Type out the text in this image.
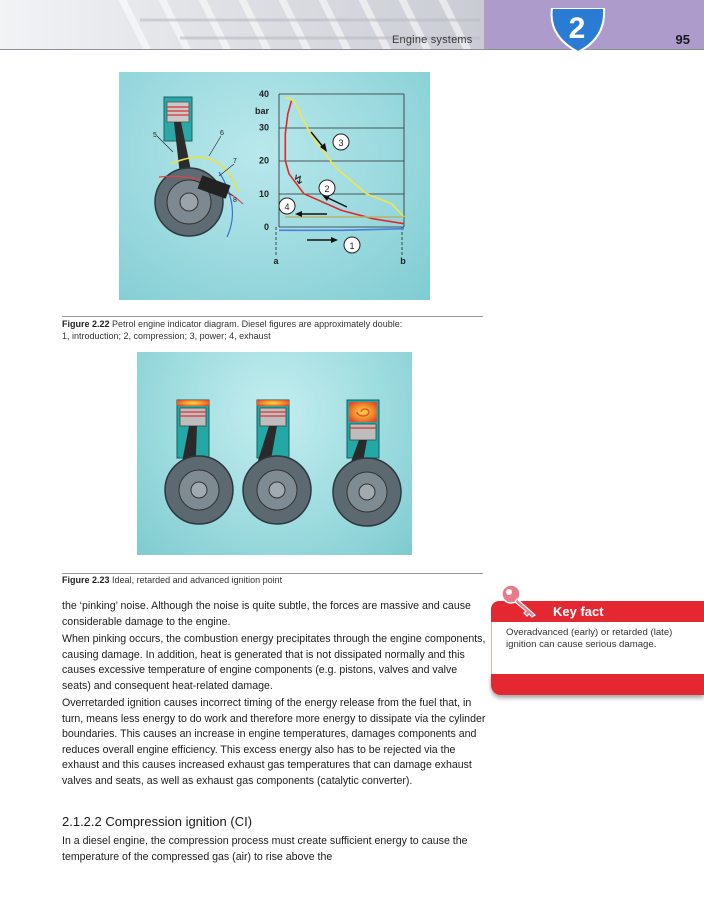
Engine systems	2	95
5	6
7
8
0
10
20
30
40
bar
a	b
1
2
3
4
↯
Figure 2.22 Petrol engine indicator diagram. Diesel figures are approximately double:
1, introduction; 2, compression; 3, power; 4, exhaust
Figure 2.23 Ideal, retarded and advanced ignition point

the ‘pinking’ noise. Although the noise is quite subtle, the forces are massive and cause considerable damage to the engine.

When pinking occurs, the combustion energy precipitates through the engine components, causing damage. In addition, heat is generated that is not dissipated normally and this causes excessive temperature of engine components (e.g. pistons, valves and valve seats) and consequent heat-related damage.

Overretarded ignition causes incorrect timing of the energy release from the fuel that, in turn, means less energy to do work and therefore more energy to dissipate via the cylinder boundaries. This causes an increase in engine temperatures, damages components and reduces overall engine efficiency. This excess energy also has to be rejected via the exhaust and this causes increased exhaust gas temperatures that can damage exhaust valves and seats, as well as exhaust gas components (catalytic converter).

2.1.2.2 Compression ignition (CI)

In a diesel engine, the compression process must create sufficient energy to cause the temperature of the compressed gas (air) to rise above the

Key fact
Overadvanced (early) or retarded (late) ignition can cause serious damage.
